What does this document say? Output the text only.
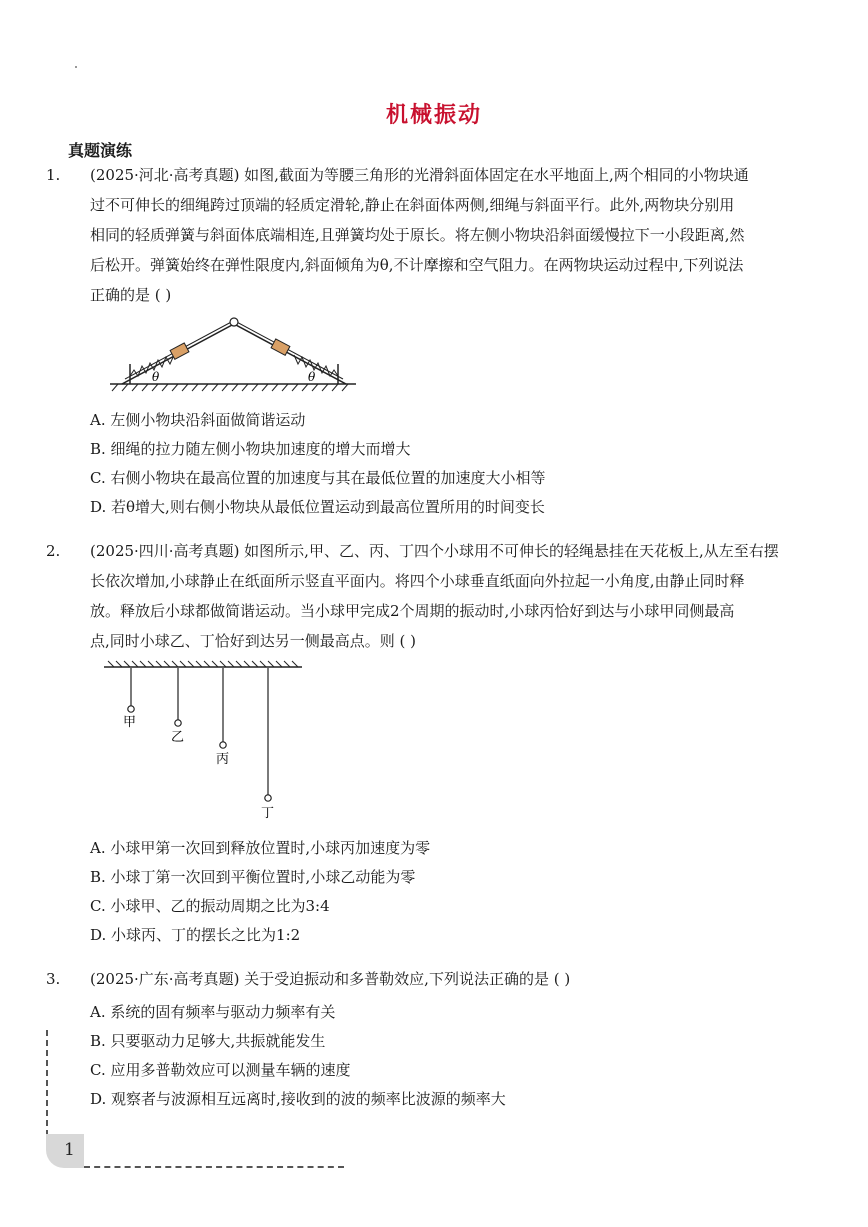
机械振动
真题演练

1. (2025·河北·高考真题) 如图,截面为等腰三角形的光滑斜面体固定在水平地面上,两个相同的小物块通

过不可伸长的细绳跨过顶端的轻质定滑轮,静止在斜面体两侧,细绳与斜面平行。此外,两物块分别用

相同的轻质弹簧与斜面体底端相连,且弹簧均处于原长。将左侧小物块沿斜面缓慢拉下一小段距离,然

后松开。弹簧始终在弹性限度内,斜面倾角为θ,不计摩擦和空气阻力。在两物块运动过程中,下列说法

正确的是 ( )

θ	θ
A. 左侧小物块沿斜面做简谐运动
B. 细绳的拉力随左侧小物块加速度的增大而增大
C. 右侧小物块在最高位置的加速度与其在最低位置的加速度大小相等
D. 若θ增大,则右侧小物块从最低位置运动到最高位置所用的时间变长

2. (2025·四川·高考真题) 如图所示,甲、乙、丙、丁四个小球用不可伸长的轻绳悬挂在天花板上,从左至右摆

长依次增加,小球静止在纸面所示竖直平面内。将四个小球垂直纸面向外拉起一小角度,由静止同时释

放。释放后小球都做简谐运动。当小球甲完成2个周期的振动时,小球丙恰好到达与小球甲同侧最高

点,同时小球乙、丁恰好到达另一侧最高点。则 ( )

甲
乙
丙
丁
A. 小球甲第一次回到释放位置时,小球丙加速度为零
B. 小球丁第一次回到平衡位置时,小球乙动能为零
C. 小球甲、乙的振动周期之比为3:4
D. 小球丙、丁的摆长之比为1:2

3. (2025·广东·高考真题) 关于受迫振动和多普勒效应,下列说法正确的是 ( )

A. 系统的固有频率与驱动力频率有关
B. 只要驱动力足够大,共振就能发生
C. 应用多普勒效应可以测量车辆的速度
D. 观察者与波源相互远离时,接收到的波的频率比波源的频率大
1
